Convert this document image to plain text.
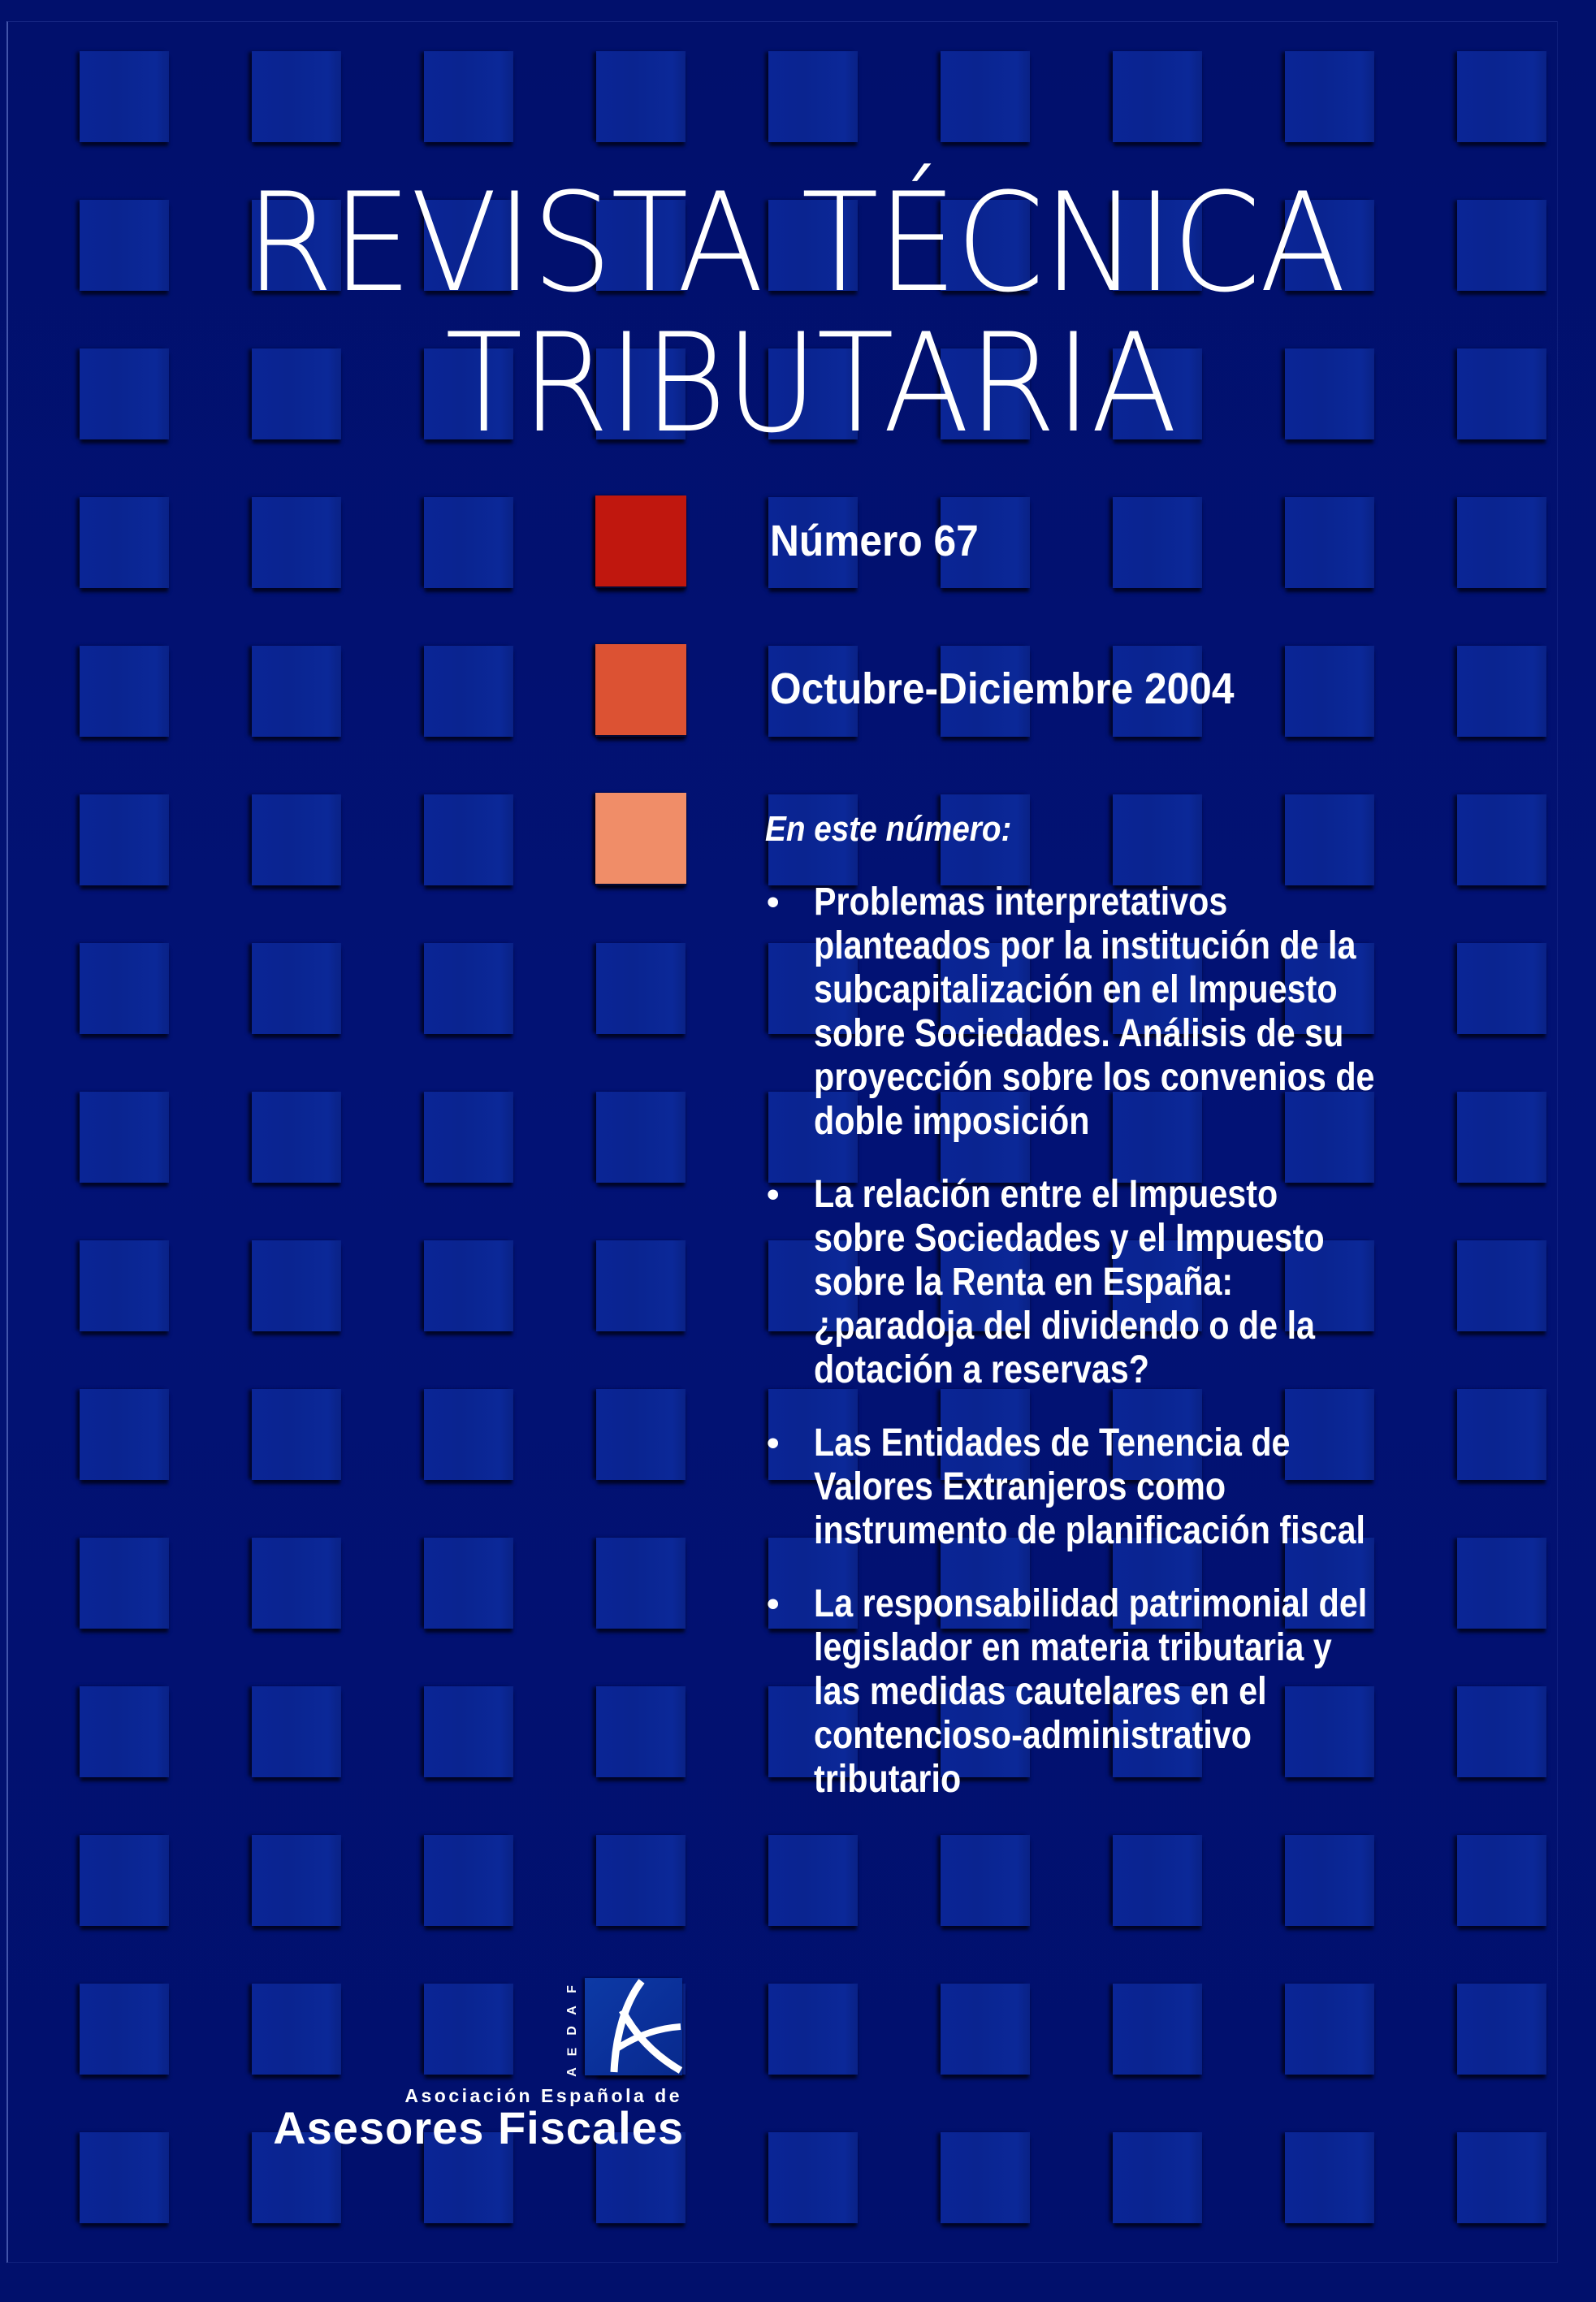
REVISTA TÉCNICA
TRIBUTARIA
Número 67
Octubre-Diciembre 2004
En este número:
• Problemas interpretativos
planteados por la institución de la
subcapitalización en el Impuesto
sobre Sociedades. Análisis de su
proyección sobre los convenios de
doble imposición
• La relación entre el Impuesto
sobre Sociedades y el Impuesto
sobre la Renta en España:
¿paradoja del dividendo o de la
dotación a reservas?
• Las Entidades de Tenencia de
Valores Extranjeros como
instrumento de planificación fiscal
• La responsabilidad patrimonial del
legislador en materia tributaria y
las medidas cautelares en el
contencioso-administrativo
tributario
A
E
D
A
F
Asociación Española de
Asesores Fiscales
